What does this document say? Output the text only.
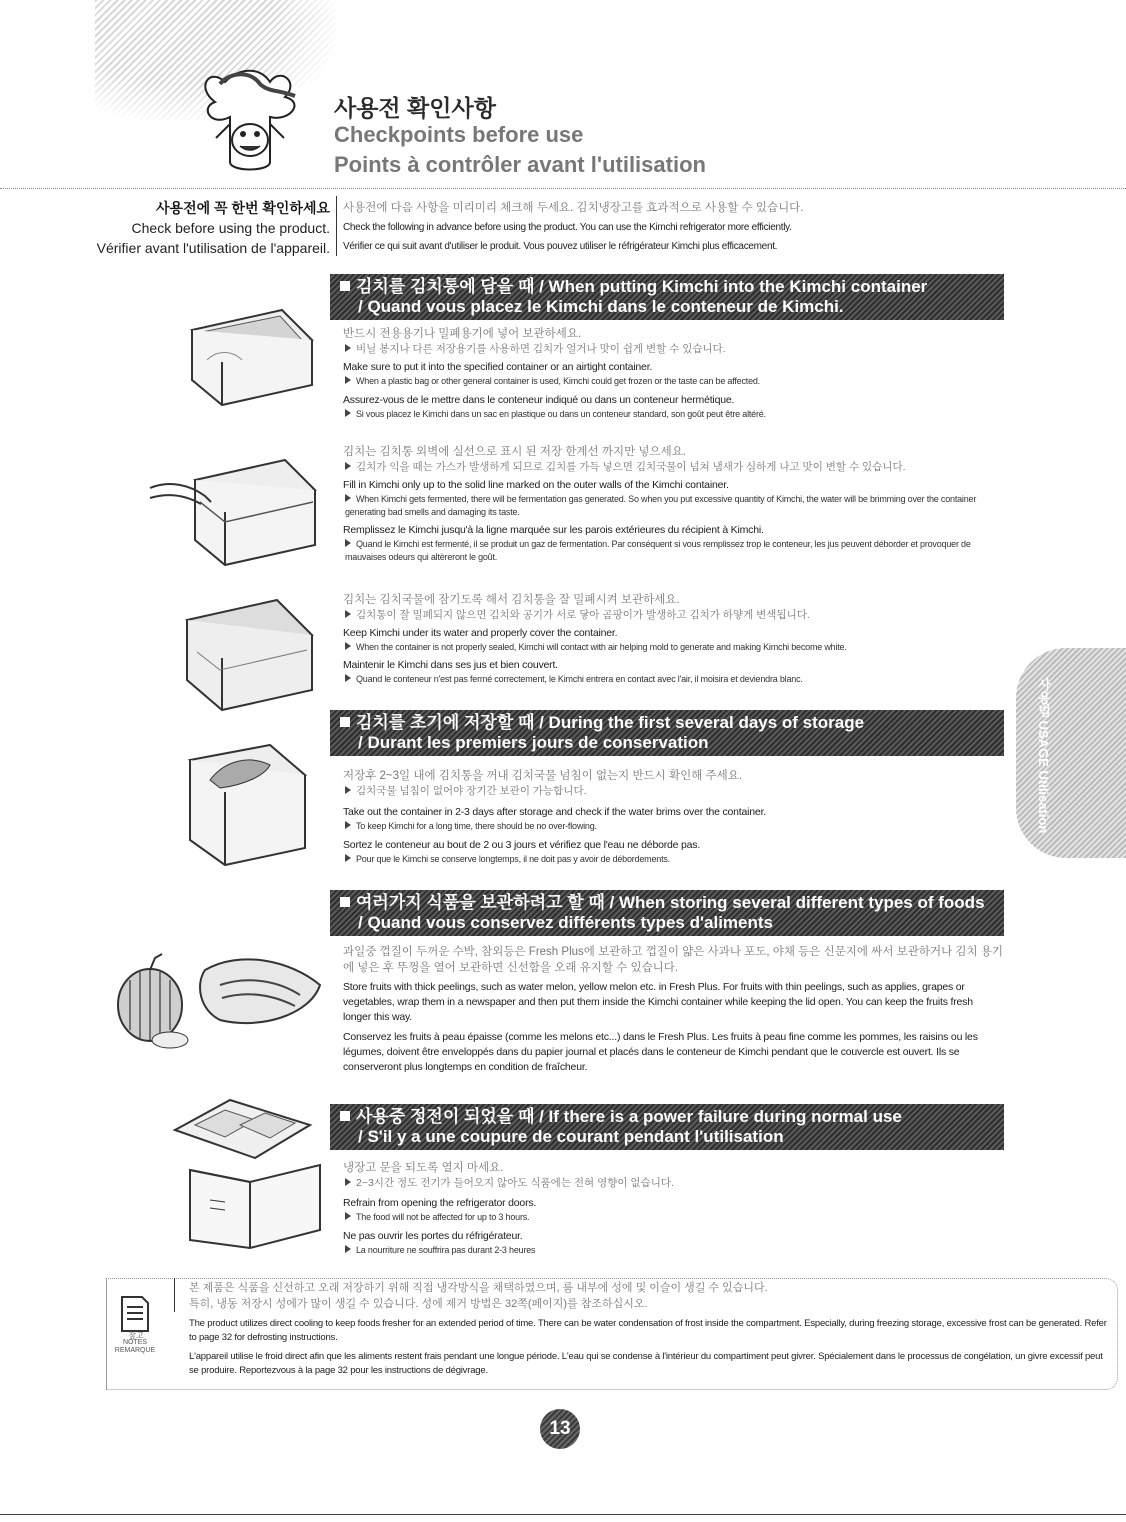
사용전 확인사항
Checkpoints before use
Points à contrôler avant l'utilisation
사용전에 꼭 한번 확인하세요
Check before using the product.
Vérifier avant l'utilisation de l'appareil.
사용전에 다음 사항을 미리미리 체크해 두세요. 김치냉장고를 효과적으로 사용할 수 있습니다.
Check the following in advance before using the product. You can use the Kimchi refrigerator more efficiently.
Vérifier ce qui suit avant d'utiliser le produit. Vous pouvez utiliser le réfrigérateur Kimchi plus efficacement.
김치를 김치통에 담을 때 / When putting Kimchi into the Kimchi container
/ Quand vous placez le Kimchi dans le conteneur de Kimchi.
반드시 전용용기나 밀폐용기에 넣어 보관하세요.
비닐 봉지나 다른 저장용기를 사용하면 김치가 얼거나 맛이 쉽게 변할 수 있습니다.
Make sure to put it into the specified container or an airtight container.
When a plastic bag or other general container is used, Kimchi could get frozen or the taste can be affected.
Assurez-vous de le mettre dans le conteneur indiqué ou dans un conteneur hermétique.
Si vous placez le Kimchi dans un sac en plastique ou dans un conteneur standard, son goût peut être altéré.
김치는 김치통 외벽에 실선으로 표시 된 저장 한계선 까지만 넣으세요.
김치가 익을 때는 가스가 발생하게 되므로 김치를 가득 넣으면 김치국물이 넘쳐 냄새가 심하게 나고 맛이 변할 수 있습니다.
Fill in Kimchi only up to the solid line marked on the outer walls of the Kimchi container.
When Kimchi gets fermented, there will be fermentation gas generated. So when you put excessive quantity of Kimchi, the water will be brimming over the container generating bad smells and damaging its taste.
Remplissez le Kimchi jusqu'à la ligne marquée sur les parois extérieures du récipient à Kimchi.
Quand le Kimchi est fermenté, il se produit un gaz de fermentation. Par conséquent si vous remplissez trop le conteneur, les jus peuvent déborder et provoquer de mauvaises odeurs qui altèreront le goût.
김치는 김치국물에 잠기도록 해서 김치통을 잘 밀폐시켜 보관하세요.
김치통이 잘 밀폐되지 않으면 김치와 공기가 서로 닿아 곰팡이가 발생하고 김치가 하얗게 변색됩니다.
Keep Kimchi under its water and properly cover the container.
When the container is not properly sealed, Kimchi will contact with air helping mold to generate and making Kimchi become white.
Maintenir le Kimchi dans ses jus et bien couvert.
Quand le conteneur n'est pas fermé correctement, le Kimchi entrera en contact avec l'air, il moisira et deviendra blanc.
김치를 초기에 저장할 때 / During the first several days of storage
/ Durant les premiers jours de conservation
저장후 2~3일 내에 김치통을 꺼내 김치국물 넘침이 없는지 반드시 확인해 주세요.
김치국물 넘침이 없어야 장기간 보관이 가능합니다.
Take out the container in 2-3 days after storage and check if the water brims over the container.
To keep Kimchi for a long time, there should be no over-flowing.
Sortez le conteneur au bout de 2 ou 3 jours et vérifiez que l'eau ne déborde pas.
Pour que le Kimchi se conserve longtemps, il ne doit pas y avoir de débordements.
여러가지 식품을 보관하려고 할 때 / When storing several different types of foods
/ Quand vous conservez différents types d'aliments
과일중 껍질이 두꺼운 수박, 참외등은 Fresh Plus에 보관하고 껍질이 얇은 사과나 포도, 야채 등은 신문지에 싸서 보관하거나 김치 용기에 넣은 후 뚜껑을 열어 보관하면 신선함을 오래 유지할 수 있습니다.
Store fruits with thick peelings, such as water melon, yellow melon etc. in Fresh Plus. For fruits with thin peelings, such as applies, grapes or vegetables, wrap them in a newspaper and then put them inside the Kimchi container while keeping the lid open. You can keep the fruits fresh longer this way.
Conservez les fruits à peau épaisse (comme les melons etc...) dans le Fresh Plus. Les fruits à peau fine comme les pommes, les raisins ou les légumes, doivent être enveloppés dans du papier journal et placés dans le conteneur de Kimchi pendant que le couvercle est ouvert. Ils se conserveront plus longtemps en condition de fraîcheur.
사용중 정전이 되었을 때 / If there is a power failure during normal use
/ S'il y a une coupure de courant pendant l'utilisation
냉장고 문을 되도록 열지 마세요.
2~3시간 정도 전기가 들어오지 않아도 식품에는 전혀 영향이 없습니다.
Refrain from opening the refrigerator doors.
The food will not be affected for up to 3 hours.
Ne pas ouvrir les portes du réfrigérateur.
La nourriture ne souffrira pas durant 2-3 heures
사용법 USAGE Utilisation
참고
NOTES
REMARQUE
본 제품은 식품을 신선하고 오래 저장하기 위해 직접 냉각방식을 채택하였으며, 룸 내부에 성에 및 이슬이 생길 수 있습니다.
특히, 냉동 저장시 성에가 많이 생길 수 있습니다. 성에 제거 방법은 32쪽(페이지)를 참조하십시오.
The product utilizes direct cooling to keep foods fresher for an extended period of time. There can be water condensation of frost inside the compartment. Especially, during freezing storage, excessive frost can be generated. Refer to page 32 for defrosting instructions.
L'appareil utilise le froid direct afin que les aliments restent frais pendant une longue période. L'eau qui se condense à l'intérieur du compartiment peut givrer. Spécialement dans le processus de congélation, un givre excessif peut se produire. Reportezvous à la page 32 pour les instructions de dégivrage.
13
